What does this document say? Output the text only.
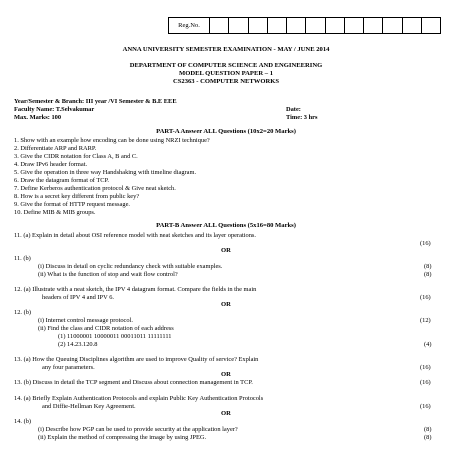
Reg.No.
ANNA UNIVERSITY SEMESTER EXAMINATION - MAY / JUNE 2014
DEPARTMENT OF COMPUTER SCIENCE AND ENGINEERING
MODEL QUESTION PAPER – 1
CS2363 - COMPUTER NETWORKS
Year/Semester & Branch: III year /VI Semester & B.E EEE
Faculty Name: T.Selvakumar	Date:
Max. Marks: 100	Time: 3 hrs
PART-A Answer ALL Questions (10x2=20 Marks)
1. Show with an example how encoding can be done using NRZI technique?
2. Differentiate ARP and RARP.
3. Give the CIDR notation for Class A, B and C.
4. Draw IPv6 header format.
5. Give the operation in three way Handshaking with timeline diagram.
6. Draw the datagram format of TCP.
7. Define Kerberos authentication protocol & Give neat sketch.
8. How is a secret key different from public key?
9. Give the format of HTTP request message.
10. Define MIB & MIB groups.
PART-B Answer ALL Questions (5x16=80 Marks)
11. (a) Explain in detail about OSI reference model with neat sketches and its layer operations.
(16)
OR
11. (b)
(i) Discuss in detail on cyclic redundancy check with suitable examples.	(8)
(ii) What is the function of stop and wait flow control?	(8)
12. (a) Illustrate with a neat sketch, the IPV 4 datagram format. Compare the fields in the main
headers of IPV 4 and IPV 6.	(16)
OR
12. (b)
(i) Internet control message protocol.	(12)
(ii) Find the class and CIDR notation of each address
(1) 11000001 10000011 00011011 11111111
(2) 14.23.120.8	(4)
13. (a) How the Queuing Disciplines algorithm are used to improve Quality of service? Explain
any four parameters.	(16)
OR
13. (b) Discuss in detail the TCP segment and Discuss about connection management in TCP.	(16)
14. (a) Briefly Explain Authentication Protocols and explain Public Key Authentication Protocols
and Diffie-Hellman Key Agreement.	(16)
OR
14. (b)
(i) Describe how PGP can be used to provide security at the application layer?	(8)
(ii) Explain the method of compressing the image by using JPEG.	(8)
